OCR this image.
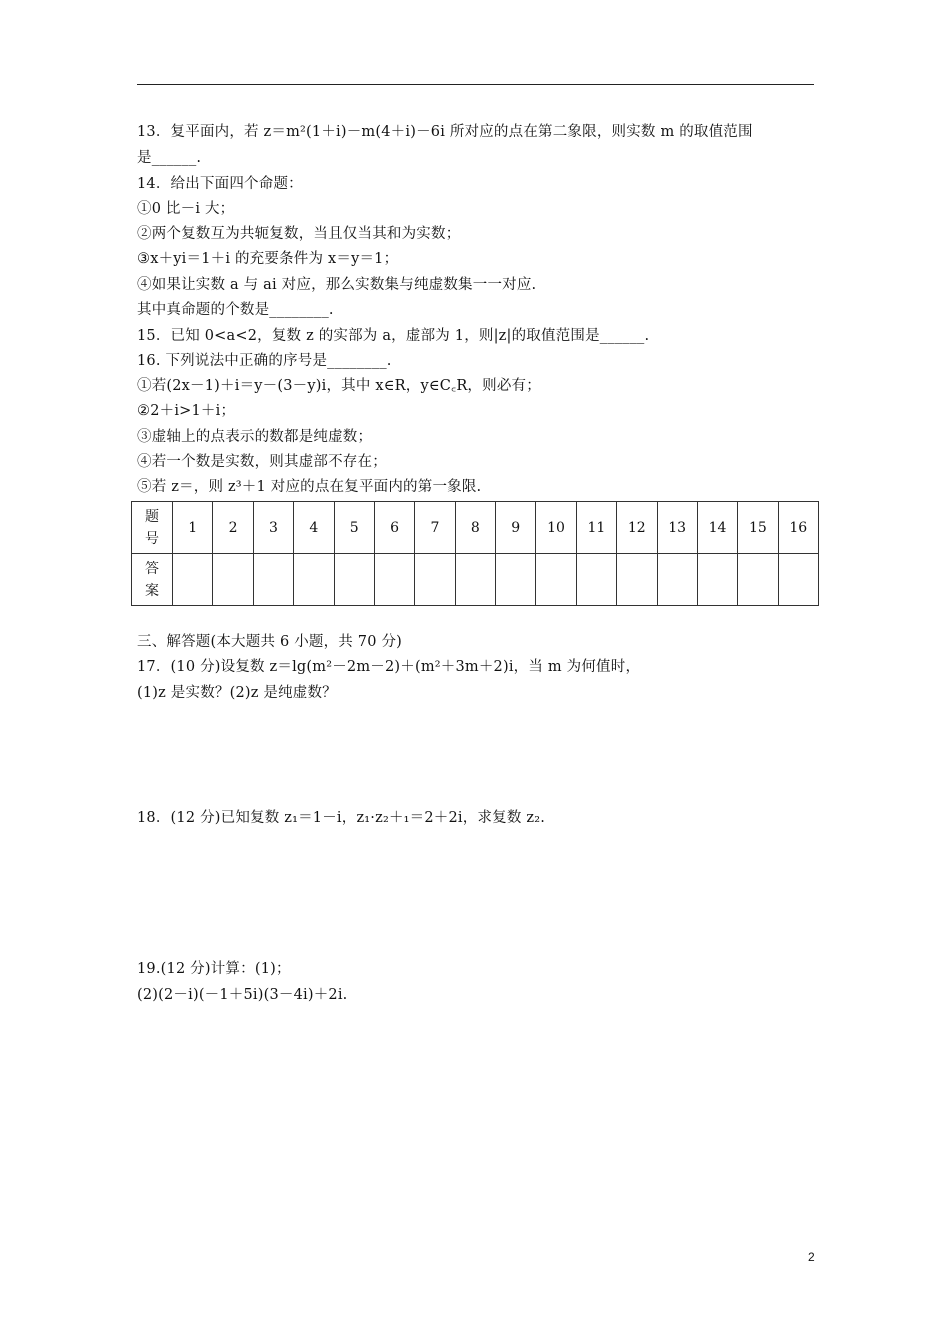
13．复平面内，若 z＝m²(1＋i)－m(4＋i)－6i 所对应的点在第二象限，则实数 m 的取值范围
是______.
14．给出下面四个命题：
①0 比－i 大；
②两个复数互为共轭复数，当且仅当其和为实数；
③x＋yi＝1＋i 的充要条件为 x＝y＝1；
④如果让实数 a 与 ai 对应，那么实数集与纯虚数集一一对应.
其中真命题的个数是________.
15．已知 0<a<2，复数 z 的实部为 a，虚部为 1，则|z|的取值范围是______.
16. 下列说法中正确的序号是________.
①若(2x－1)＋i＝y－(3－y)i，其中 x∈R，y∈C꜀R，则必有；
②2＋i>1＋i；
③虚轴上的点表示的数都是纯虚数；
④若一个数是实数，则其虚部不存在；
⑤若 z＝，则 z³＋1 对应的点在复平面内的第一象限.
题
号	1	2	3	4	5	6	7	8	9	10	11	12	13	14	15	16
答
案																
三、解答题(本大题共 6 小题，共 70 分)
17．(10 分)设复数 z＝lg(m²－2m－2)＋(m²＋3m＋2)i，当 m 为何值时，
(1)z 是实数？(2)z 是纯虚数？
18．(12 分)已知复数 z₁＝1－i，z₁·z₂＋₁＝2＋2i，求复数 z₂.
19.(12 分)计算：(1)；
(2)(2－i)(－1＋5i)(3－4i)＋2i.
2
